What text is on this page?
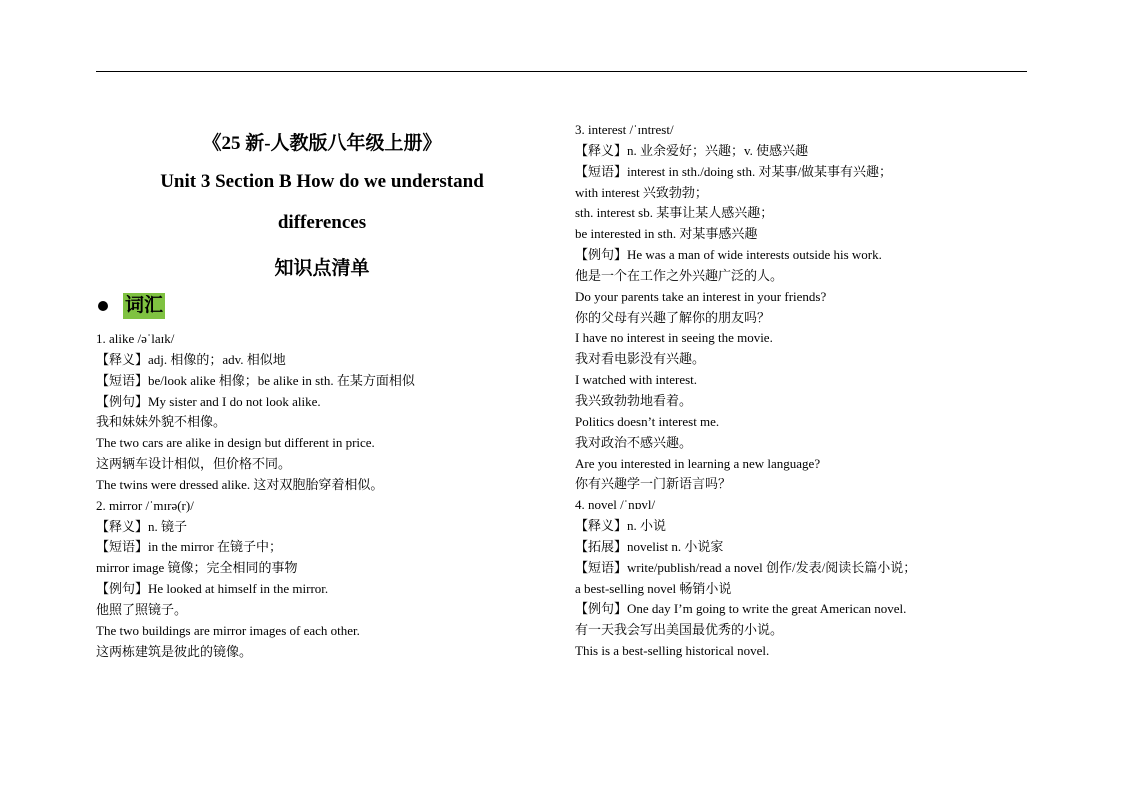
《25 新-人教版八年级上册》
Unit 3 Section B How do we understand
differences
知识点清单
词汇
1. alike /əˈlaɪk/
【释义】adj. 相像的；adv. 相似地
【短语】be/look alike 相像；be alike in sth. 在某方面相似
【例句】My sister and I do not look alike.
我和妹妹外貌不相像。
The two cars are alike in design but different in price.
这两辆车设计相似，但价格不同。
The twins were dressed alike. 这对双胞胎穿着相似。
2. mirror /ˈmɪrə(r)/
【释义】n. 镜子
【短语】in the mirror 在镜子中；
mirror image 镜像；完全相同的事物
【例句】He looked at himself in the mirror.
他照了照镜子。
The two buildings are mirror images of each other.
这两栋建筑是彼此的镜像。
3. interest /ˈɪntrest/
【释义】n. 业余爱好；兴趣；v. 使感兴趣
【短语】interest in sth./doing sth. 对某事/做某事有兴趣；
with interest 兴致勃勃；
sth. interest sb. 某事让某人感兴趣；
be interested in sth. 对某事感兴趣
【例句】He was a man of wide interests outside his work.
他是一个在工作之外兴趣广泛的人。
Do your parents take an interest in your friends?
你的父母有兴趣了解你的朋友吗？
I have no interest in seeing the movie.
我对看电影没有兴趣。
I watched with interest.
我兴致勃勃地看着。
Politics doesn’t interest me.
我对政治不感兴趣。
Are you interested in learning a new language?
你有兴趣学一门新语言吗？
4. novel /ˈnɒvl/
【释义】n. 小说
【拓展】novelist n. 小说家
【短语】write/publish/read a novel 创作/发表/阅读长篇小说；
a best-selling novel 畅销小说
【例句】One day I’m going to write the great American novel.
有一天我会写出美国最优秀的小说。
This is a best-selling historical novel.
